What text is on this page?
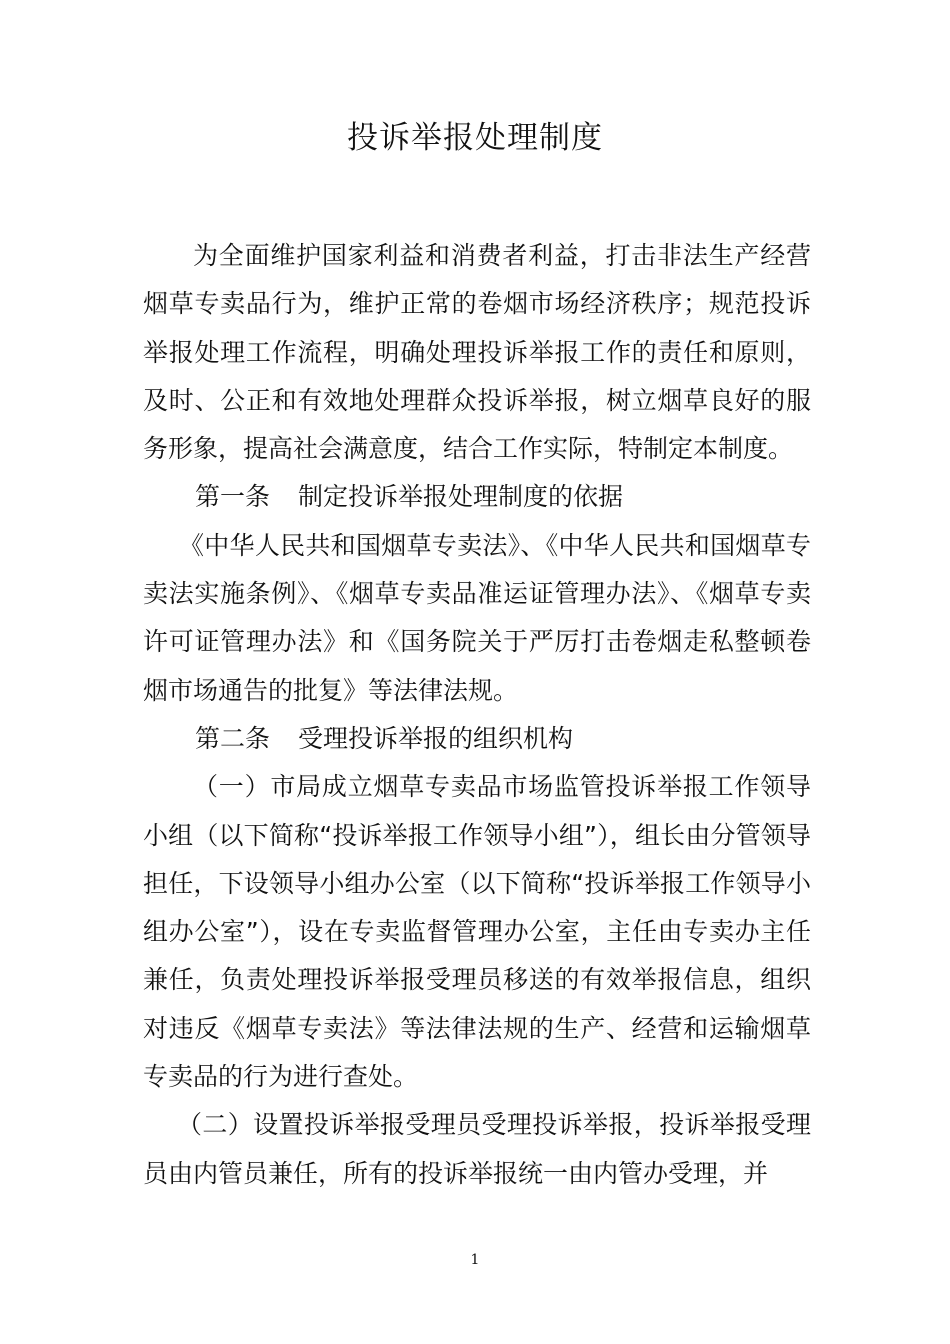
投诉举报处理制度

为全面维护国家利益和消费者利益，打击非法生产经营烟草专卖品行为，维护正常的卷烟市场经济秩序；规范投诉举报处理工作流程，明确处理投诉举报工作的责任和原则，及时、公正和有效地处理群众投诉举报，树立烟草良好的服务形象，提高社会满意度，结合工作实际，特制定本制度。

第一条 制定投诉举报处理制度的依据

《中华人民共和国烟草专卖法》、《中华人民共和国烟草专卖法实施条例》、《烟草专卖品准运证管理办法》、《烟草专卖许可证管理办法》和《国务院关于严厉打击卷烟走私整顿卷烟市场通告的批复》等法律法规。

第二条 受理投诉举报的组织机构

（一）市局成立烟草专卖品市场监管投诉举报工作领导小组（以下简称“投诉举报工作领导小组”），组长由分管领导担任，下设领导小组办公室（以下简称“投诉举报工作领导小组办公室”），设在专卖监督管理办公室，主任由专卖办主任兼任，负责处理投诉举报受理员移送的有效举报信息，组织对违反《烟草专卖法》等法律法规的生产、经营和运输烟草专卖品的行为进行查处。

（二）设置投诉举报受理员受理投诉举报，投诉举报受理员由内管员兼任，所有的投诉举报统一由内管办受理，并

1
